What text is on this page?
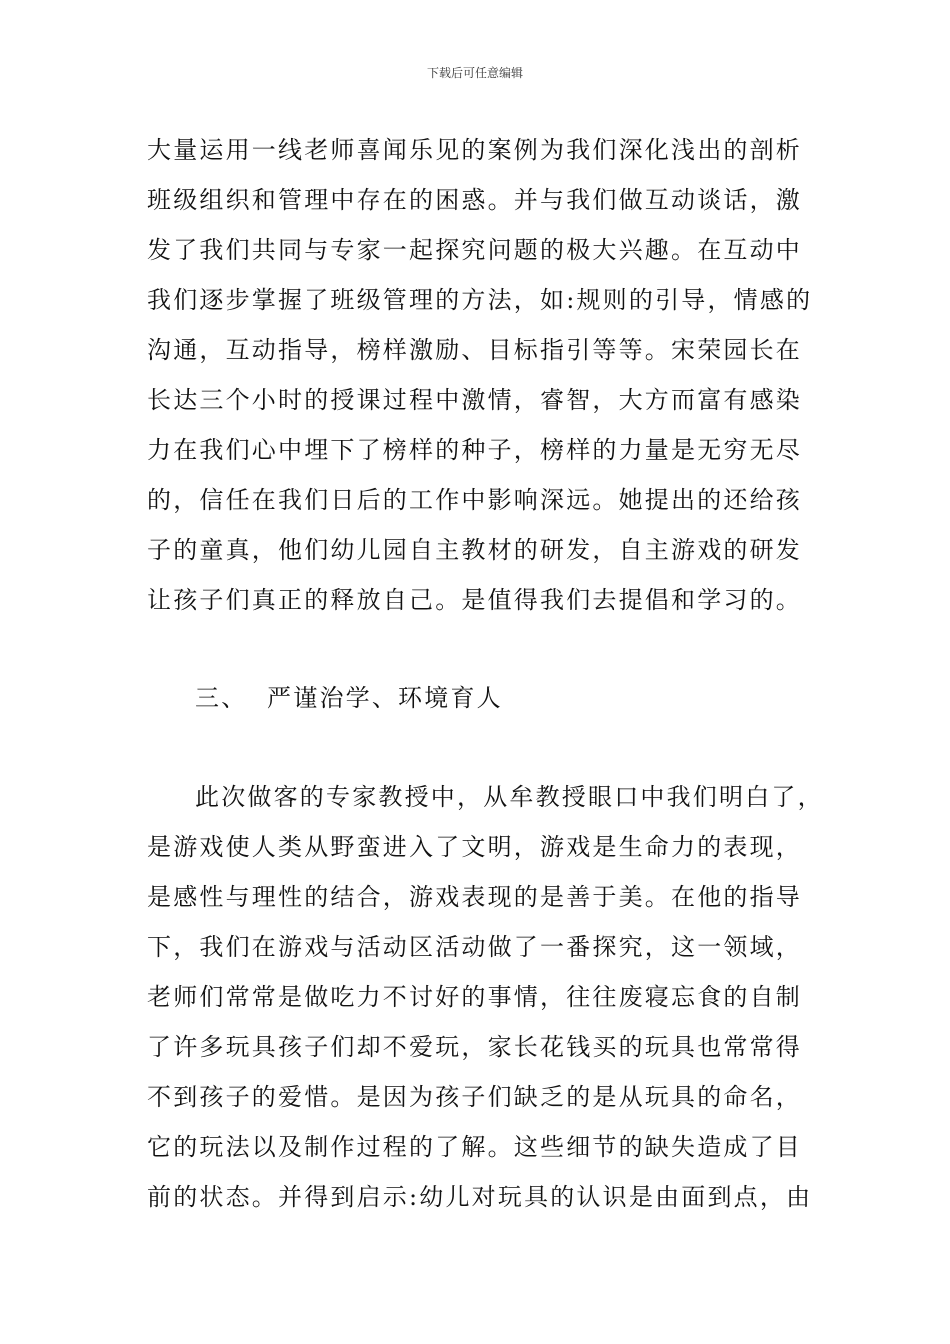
下载后可任意编辑
大量运用一线老师喜闻乐见的案例为我们深化浅出的剖析
班级组织和管理中存在的困惑。并与我们做互动谈话，激
发了我们共同与专家一起探究问题的极大兴趣。在互动中
我们逐步掌握了班级管理的方法，如:规则的引导，情感的
沟通，互动指导，榜样激励、目标指引等等。宋荣园长在
长达三个小时的授课过程中激情，睿智，大方而富有感染
力在我们心中埋下了榜样的种子，榜样的力量是无穷无尽
的，信任在我们日后的工作中影响深远。她提出的还给孩
子的童真，他们幼儿园自主教材的研发，自主游戏的研发
让孩子们真正的释放自己。是值得我们去提倡和学习的。
三、  严谨治学、环境育人
此次做客的专家教授中，从牟教授眼口中我们明白了，
是游戏使人类从野蛮进入了文明，游戏是生命力的表现，
是感性与理性的结合，游戏表现的是善于美。在他的指导
下，我们在游戏与活动区活动做了一番探究，这一领域，
老师们常常是做吃力不讨好的事情，往往废寝忘食的自制
了许多玩具孩子们却不爱玩，家长花钱买的玩具也常常得
不到孩子的爱惜。是因为孩子们缺乏的是从玩具的命名，
它的玩法以及制作过程的了解。这些细节的缺失造成了目
前的状态。并得到启示:幼儿对玩具的认识是由面到点，由
